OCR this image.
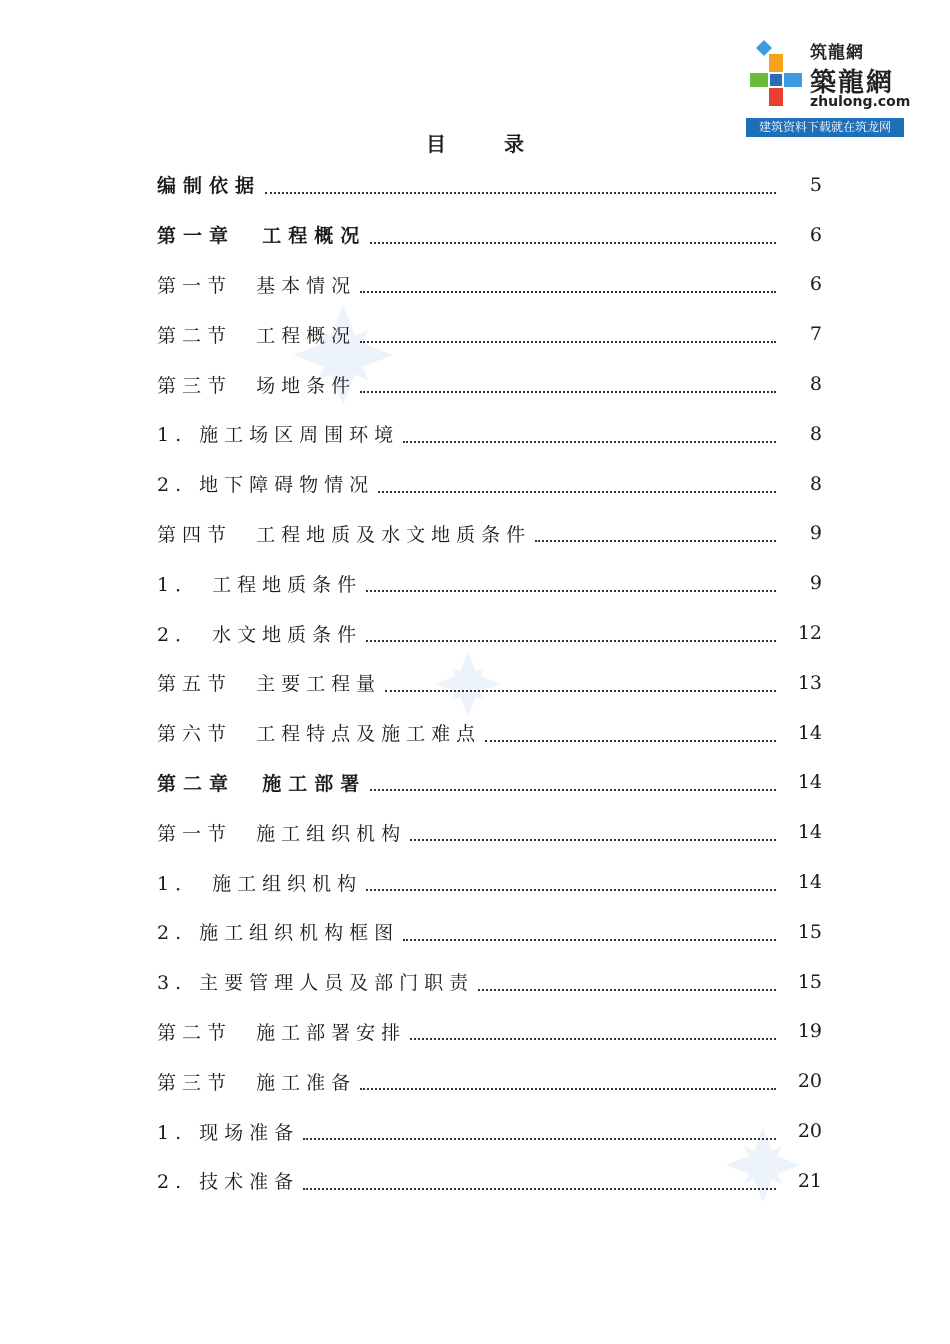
筑龍網
築龍網
zhulong.com
建筑资料下载就在筑龙网
目	录
编制依据	5
第一章  工程概况	6
第一节  基本情况	6
第二节  工程概况	7
第三节  场地条件	8
1. 施工场区周围环境	8
2. 地下障碍物情况	8
第四节  工程地质及水文地质条件	9
1． 工程地质条件	9
2． 水文地质条件	12
第五节  主要工程量	13
第六节  工程特点及施工难点	14
第二章  施工部署	14
第一节  施工组织机构	14
1． 施工组织机构	14
2. 施工组织机构框图	15
3. 主要管理人员及部门职责	15
第二节  施工部署安排	19
第三节  施工准备	20
1. 现场准备	20
2. 技术准备	21
